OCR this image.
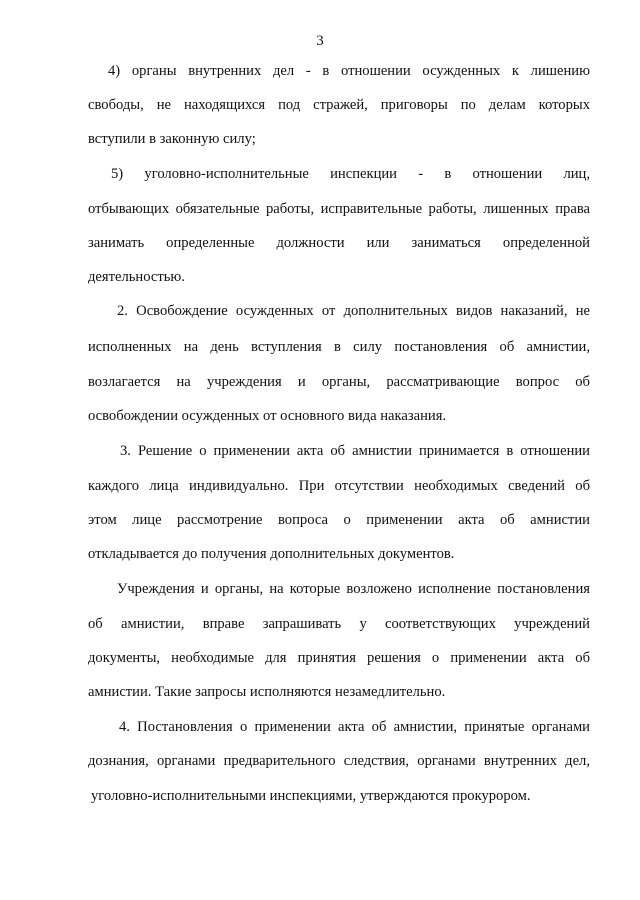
3
4) органы внутренних дел - в отношении осужденных к лишению
свободы, не находящихся под стражей, приговоры по делам которых
вступили в законную силу;
5) уголовно-исполнительные инспекции - в отношении лиц,
отбывающих обязательные работы, исправительные работы, лишенных права
занимать определенные должности или заниматься определенной
деятельностью.
2. Освобождение осужденных от дополнительных видов наказаний, не
исполненных на день вступления в силу постановления об амнистии,
возлагается на учреждения и органы, рассматривающие вопрос об
освобождении осужденных от основного вида наказания.
3. Решение о применении акта об амнистии принимается в отношении
каждого лица индивидуально. При отсутствии необходимых сведений об
этом лице рассмотрение вопроса о применении акта об амнистии
откладывается до получения дополнительных документов.
Учреждения и органы, на которые возложено исполнение постановления
об амнистии, вправе запрашивать у соответствующих учреждений
документы, необходимые для принятия решения о применении акта об
амнистии. Такие запросы исполняются незамедлительно.
4. Постановления о применении акта об амнистии, принятые органами
дознания, органами предварительного следствия, органами внутренних дел,
уголовно-исполнительными инспекциями, утверждаются прокурором.
